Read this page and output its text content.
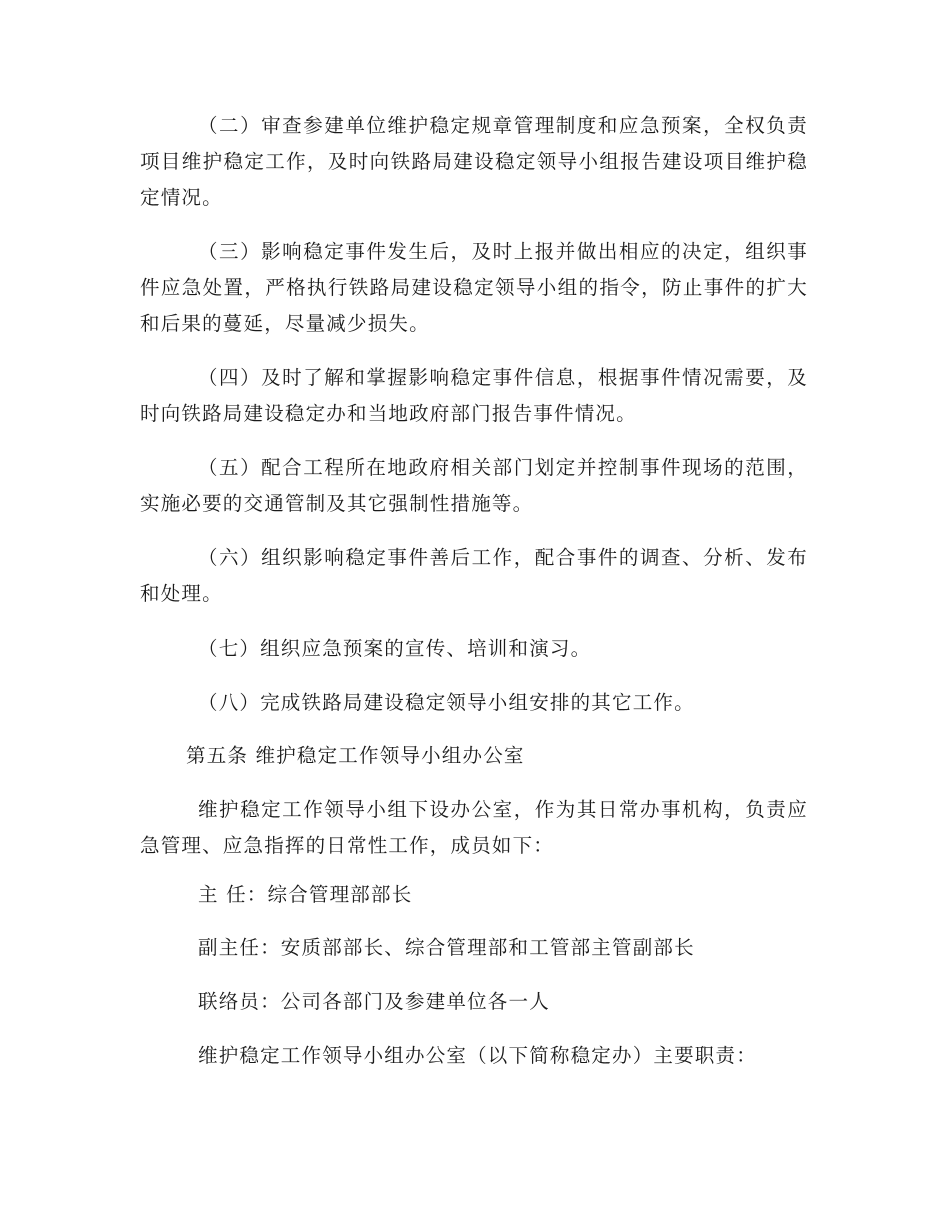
（二）审查参建单位维护稳定规章管理制度和应急预案，全权负责项目维护稳定工作，及时向铁路局建设稳定领导小组报告建设项目维护稳定情况。

（三）影响稳定事件发生后，及时上报并做出相应的决定，组织事件应急处置，严格执行铁路局建设稳定领导小组的指令，防止事件的扩大和后果的蔓延，尽量减少损失。

（四）及时了解和掌握影响稳定事件信息，根据事件情况需要，及时向铁路局建设稳定办和当地政府部门报告事件情况。

（五）配合工程所在地政府相关部门划定并控制事件现场的范围，实施必要的交通管制及其它强制性措施等。

（六）组织影响稳定事件善后工作，配合事件的调查、分析、发布和处理。

（七）组织应急预案的宣传、培训和演习。

（八）完成铁路局建设稳定领导小组安排的其它工作。

第五条 维护稳定工作领导小组办公室

维护稳定工作领导小组下设办公室，作为其日常办事机构，负责应急管理、应急指挥的日常性工作，成员如下：

主 任：综合管理部部长

副主任：安质部部长、综合管理部和工管部主管副部长

联络员：公司各部门及参建单位各一人

维护稳定工作领导小组办公室（以下简称稳定办）主要职责：
